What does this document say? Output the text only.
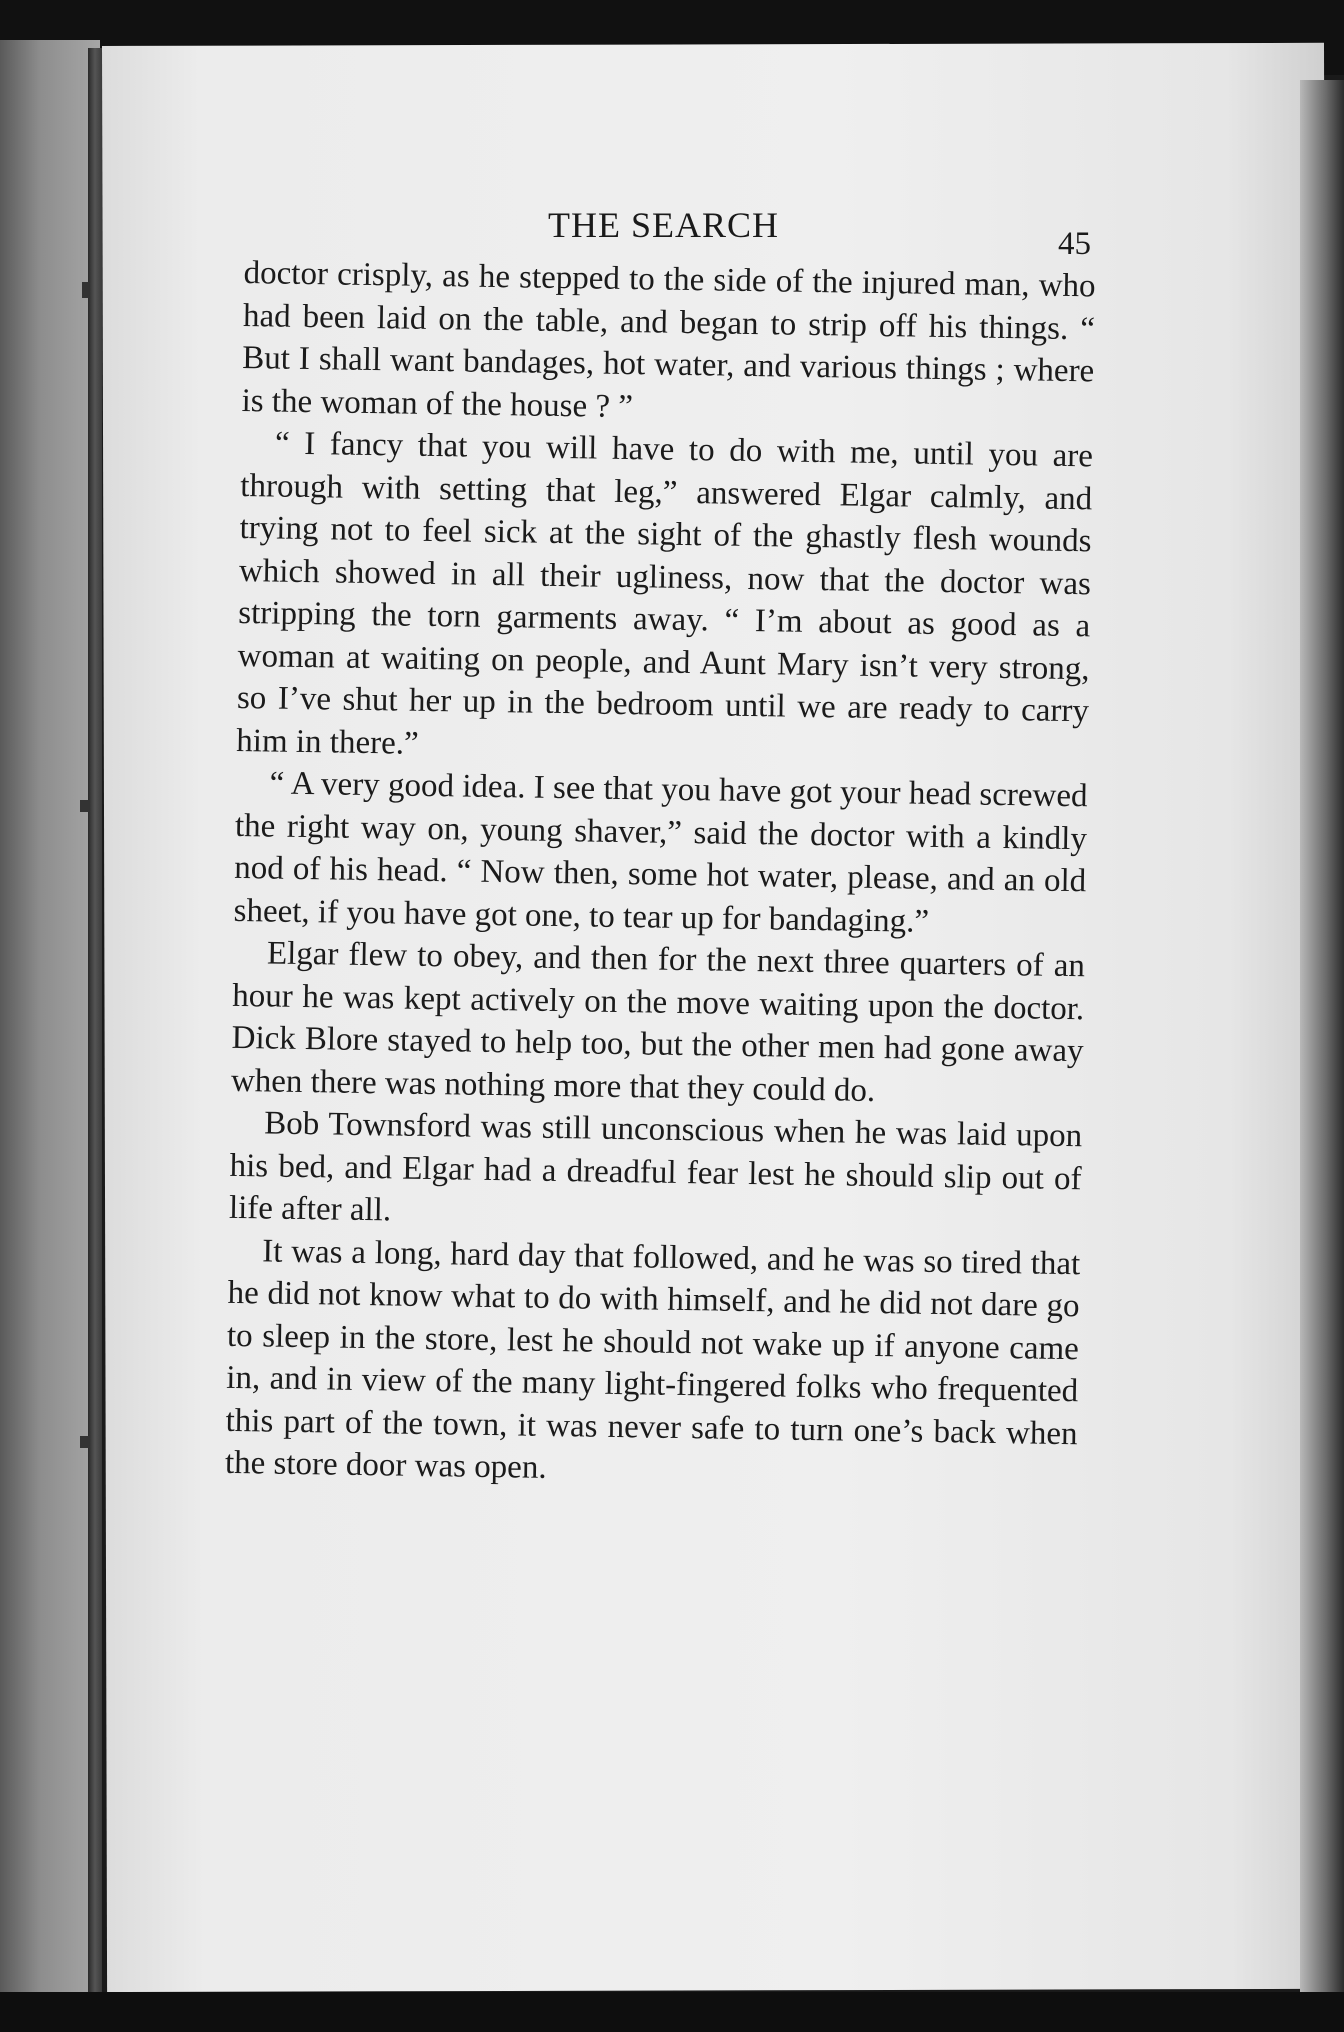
THE SEARCH	45

doctor crisply, as he stepped to the side of the injured man, who had been laid on the table, and began to strip off his things. “ But I shall want bandages, hot water, and various things ; where is the woman of the house ? ”

“ I fancy that you will have to do with me, until you are through with setting that leg,” answered Elgar calmly, and trying not to feel sick at the sight of the ghastly flesh wounds which showed in all their ugliness, now that the doctor was stripping the torn garments away. “ I’m about as good as a woman at waiting on people, and Aunt Mary isn’t very strong, so I’ve shut her up in the bedroom until we are ready to carry him in there.”

“ A very good idea. I see that you have got your head screwed the right way on, young shaver,” said the doctor with a kindly nod of his head. “ Now then, some hot water, please, and an old sheet, if you have got one, to tear up for bandaging.”

Elgar flew to obey, and then for the next three quarters of an hour he was kept actively on the move waiting upon the doctor. Dick Blore stayed to help too, but the other men had gone away when there was nothing more that they could do.

Bob Townsford was still unconscious when he was laid upon his bed, and Elgar had a dreadful fear lest he should slip out of life after all.

It was a long, hard day that followed, and he was so tired that he did not know what to do with himself, and he did not dare go to sleep in the store, lest he should not wake up if anyone came in, and in view of the many light-fingered folks who frequented this part of the town, it was never safe to turn one’s back when the store door was open.
